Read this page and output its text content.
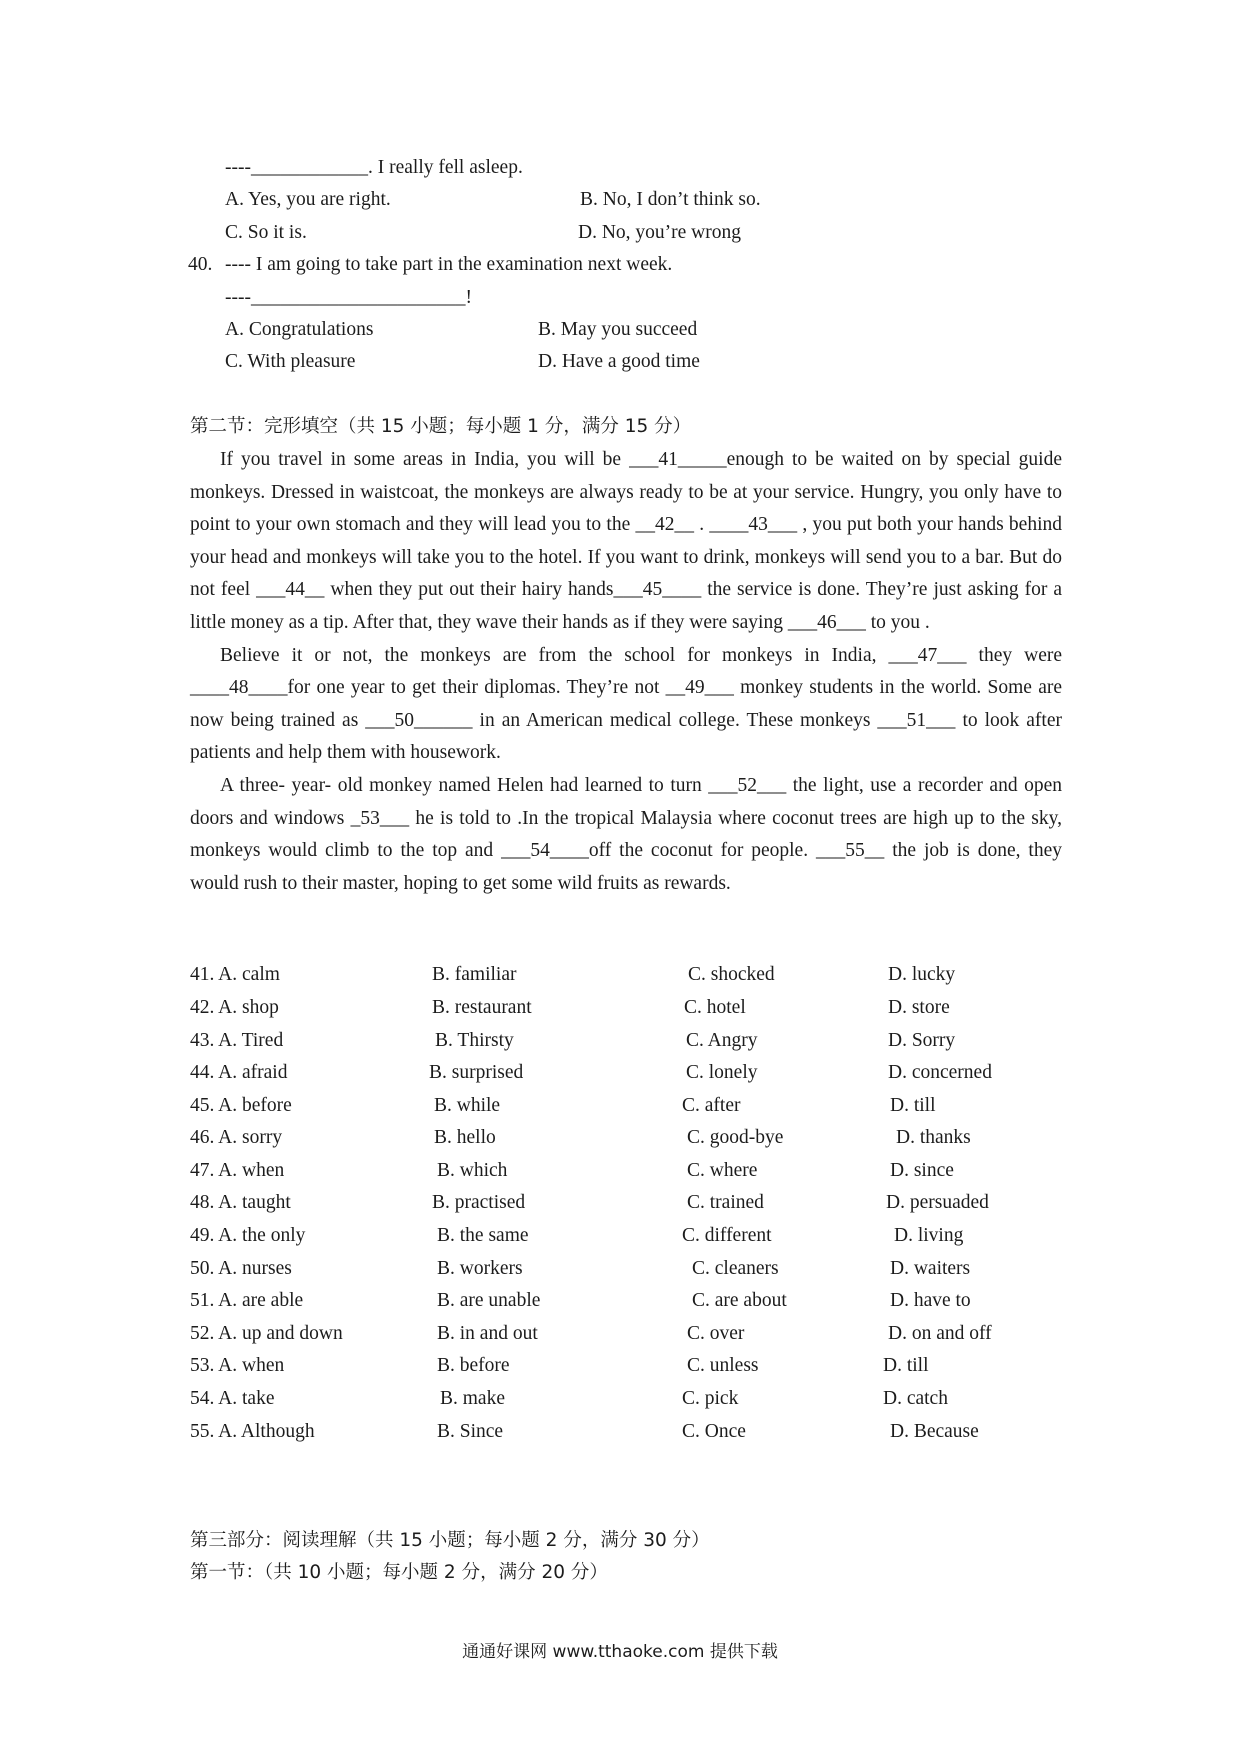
----____________. I really fell asleep.
A. Yes, you are right.	B. No, I don’t think so.
C. So it is.	D. No, you’re wrong
40. ---- I am going to take part in the examination next week.
----______________________!
A. Congratulations	B. May you succeed
C. With pleasure	D. Have a good time
第二节：完形填空（共 15 小题；每小题 1 分，满分 15 分）

If you travel in some areas in India, you will be ___41_____enough to be waited on by special guide monkeys. Dressed in waistcoat, the monkeys are always ready to be at your service. Hungry, you only have to point to your own stomach and they will lead you to the __42__ . ____43___ , you put both your hands behind your head and monkeys will take you to the hotel. If you want to drink, monkeys will send you to a bar. But do not feel ___44__ when they put out their hairy hands___45____ the service is done. They’re just asking for a little money as a tip. After that, they wave their hands as if they were saying ___46___ to you .

Believe it or not, the monkeys are from the school for monkeys in India, ___47___ they were ____48____for one year to get their diplomas. They’re not __49___ monkey students in the world. Some are now being trained as ___50______ in an American medical college. These monkeys ___51___ to look after patients and help them with housework.

A three- year- old monkey named Helen had learned to turn ___52___ the light, use a recorder and open doors and windows _53___ he is told to .In the tropical Malaysia where coconut trees are high up to the sky, monkeys would climb to the top and ___54____off the coconut for people. ___55__ the job is done, they would rush to their master, hoping to get some wild fruits as rewards.

41. A. calm	B. familiar	C. shocked	D. lucky
42. A. shop	B. restaurant	C. hotel	D. store
43. A. Tired	B. Thirsty	C. Angry	D. Sorry
44. A. afraid	B. surprised	C. lonely	D. concerned
45. A. before	B. while	C. after	D. till
46. A. sorry	B. hello	C. good-bye	D. thanks
47. A. when	B. which	C. where	D. since
48. A. taught	B. practised	C. trained	D. persuaded
49. A. the only	B. the same	C. different	D. living
50. A. nurses	B. workers	C. cleaners	D. waiters
51. A. are able	B. are unable	C. are about	D. have to
52. A. up and down	B. in and out	C. over	D. on and off
53. A. when	B. before	C. unless	D. till
54. A. take	B. make	C. pick	D. catch
55. A. Although	B. Since	C. Once	D. Because
第三部分：阅读理解（共 15 小题；每小题 2 分，满分 30 分）
第一节：（共 10 小题；每小题 2 分，满分 20 分）
通通好课网 www.tthaoke.com 提供下载
